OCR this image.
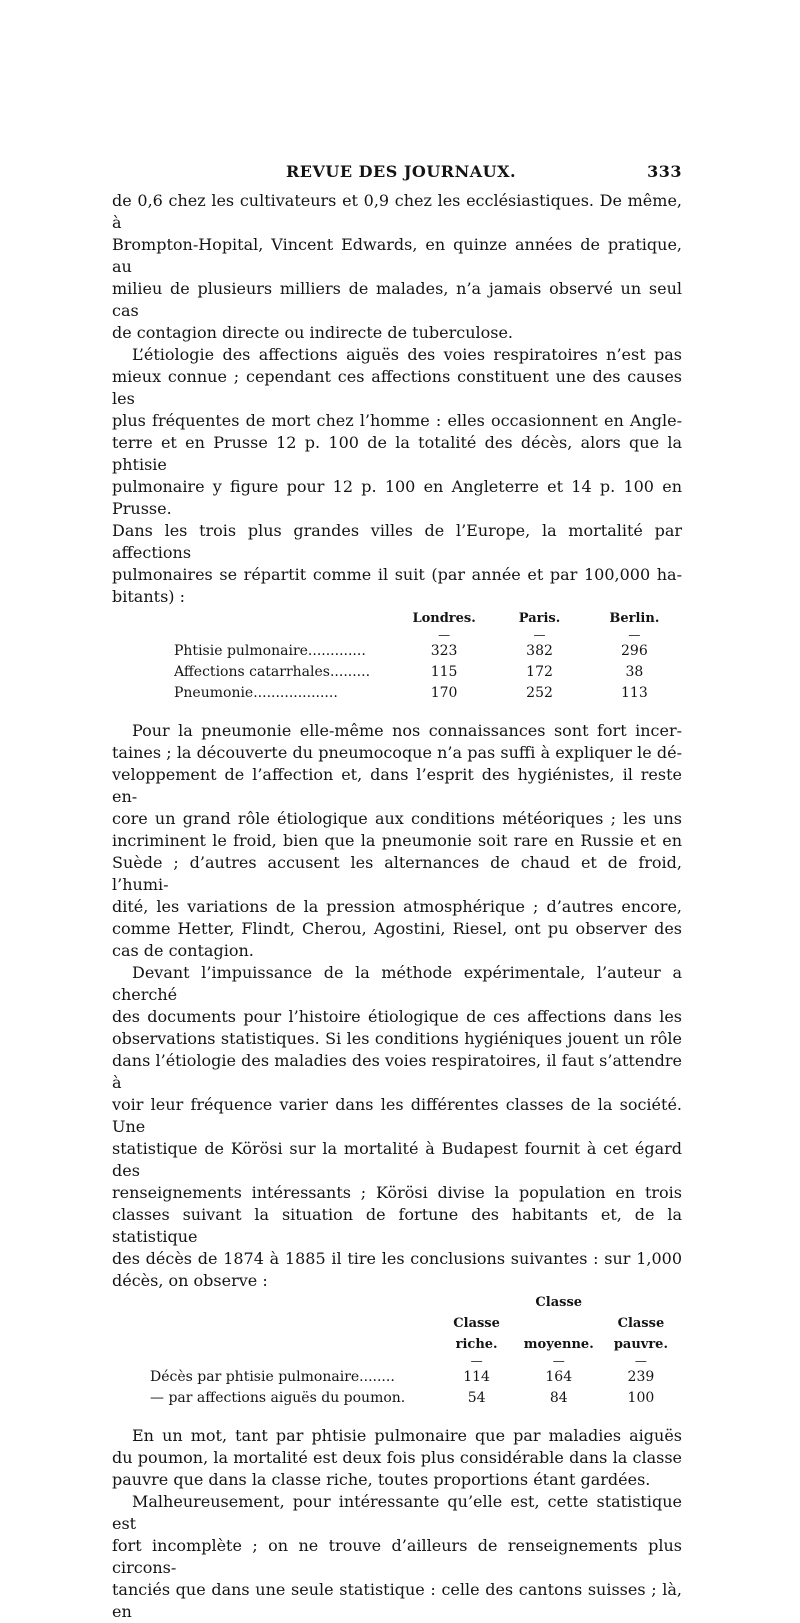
REVUE DES JOURNAUX.	333
de 0,6 chez les cultivateurs et 0,9 chez les ecclésiastiques. De même, à
Brompton-Hopital, Vincent Edwards, en quinze années de pratique, au
milieu de plusieurs milliers de malades, n’a jamais observé un seul cas
de contagion directe ou indirecte de tuberculose.
L’étiologie des affections aiguës des voies respiratoires n’est pas
mieux connue ; cependant ces affections constituent une des causes les
plus fréquentes de mort chez l’homme : elles occasionnent en Angle-
terre et en Prusse 12 p. 100 de la totalité des décès, alors que la phtisie
pulmonaire y figure pour 12 p. 100 en Angleterre et 14 p. 100 en Prusse.
Dans les trois plus grandes villes de l’Europe, la mortalité par affections
pulmonaires se répartit comme il suit (par année et par 100,000 ha-
bitants) :
	Londres.	Paris.	Berlin.
	—	—	—
Phtisie pulmonaire.............	323	382	296
Affections catarrhales.........	115	172	38
Pneumonie...................	170	252	113
Pour la pneumonie elle-même nos connaissances sont fort incer-
taines ; la découverte du pneumocoque n’a pas suffi à expliquer le dé-
veloppement de l’affection et, dans l’esprit des hygiénistes, il reste en-
core un grand rôle étiologique aux conditions météoriques ; les uns
incriminent le froid, bien que la pneumonie soit rare en Russie et en
Suède ; d’autres accusent les alternances de chaud et de froid, l’humi-
dité, les variations de la pression atmosphérique ; d’autres encore,
comme Hetter, Flindt, Cherou, Agostini, Riesel, ont pu observer des
cas de contagion.
Devant l’impuissance de la méthode expérimentale, l’auteur a cherché
des documents pour l’histoire étiologique de ces affections dans les
observations statistiques. Si les conditions hygiéniques jouent un rôle
dans l’étiologie des maladies des voies respiratoires, il faut s’attendre à
voir leur fréquence varier dans les différentes classes de la société. Une
statistique de Körösi sur la mortalité à Budapest fournit à cet égard des
renseignements intéressants ; Körösi divise la population en trois
classes suivant la situation de fortune des habitants et, de la statistique
des décès de 1874 à 1885 il tire les conclusions suivantes : sur 1,000
décès, on observe :
		Classe	
	Classe riche.	moyenne.	Classe pauvre.
	—	—	—
Décès par phtisie pulmonaire........	114	164	239
— par affections aiguës du poumon.	54	84	100
En un mot, tant par phtisie pulmonaire que par maladies aiguës
du poumon, la mortalité est deux fois plus considérable dans la classe
pauvre que dans la classe riche, toutes proportions étant gardées.
Malheureusement, pour intéressante qu’elle est, cette statistique est
fort incomplète ; on ne trouve d’ailleurs de renseignements plus circons-
tanciés que dans une seule statistique : celle des cantons suisses ; là, en
